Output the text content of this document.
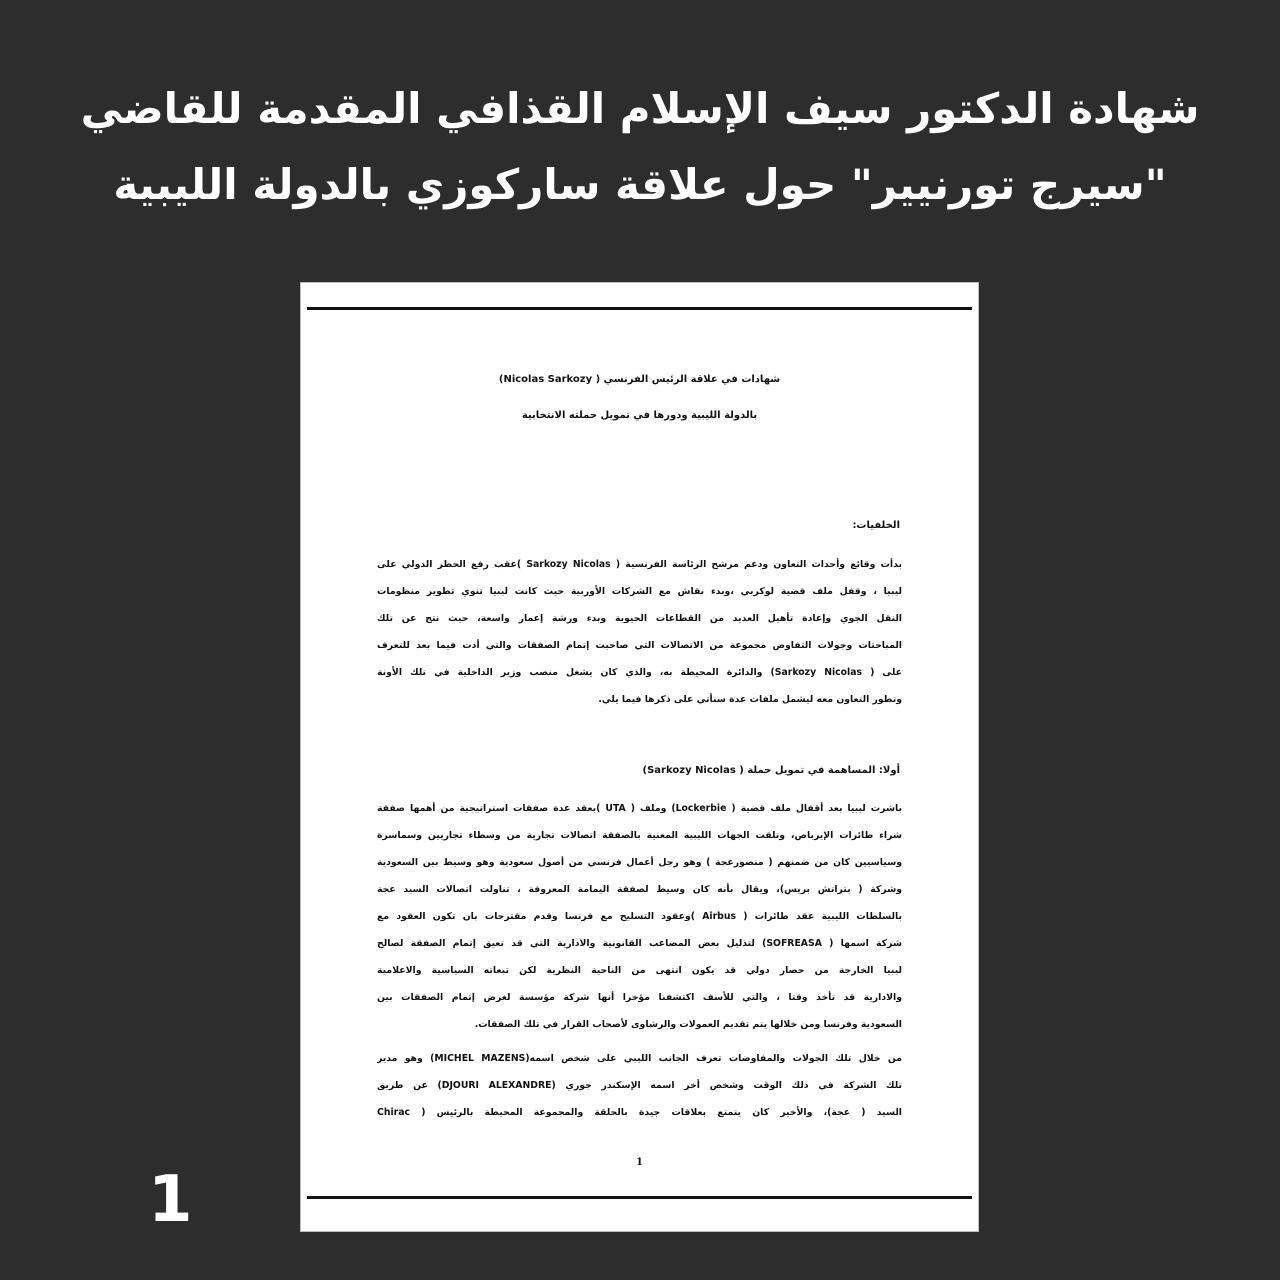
شهادة الدكتور سيف الإسلام القذافي المقدمة للقاضي
"سيرج تورنيير" حول علاقة ساركوزي بالدولة الليبية
شهادات في علاقة الرئيس الفرنسي ( Nicolas Sarkozy)
بالدولة الليبية ودورها في تمويل حملته الانتخابية
الخلفيات:
بدأت وقائع وأحداث التعاون ودعم مرشح الرئاسة الفرنسية ( Sarkozy Nicolas )عقب رفع الحظر الدولي على
ليبيا ، وقفل ملف قضية لوكربي ،وبدء نقاش مع الشركات الأوربية حيث كانت ليبيا تنوي تطوير منظومات
النقل الجوي وإعادة تأهيل العديد من القطاعات الحيوية وبدء ورشة إعمار واسعة، حيث نتج عن تلك
المباحثات وجولات التفاوض مجموعة من الاتصالات التي صاحبت إتمام الصفقات والتي أدت فيما بعد للتعرف
على ( Sarkozy Nicolas) والدائرة المحيطة به، والذي كان يشغل منصب وزير الداخلية في تلك الأونة
وتطور التعاون معه ليشمل ملفات عدة سنأتي على ذكرها فيما يلي.
أولا: المساهمة في تمويل حملة ( Sarkozy Nicolas)
باشرت ليبيا بعد أقفال ملف قضية ( Lockerbie) وملف ( UTA )بعقد عدة صفقات استراتيجية من أهمها صفقة
شراء طائرات الإيرباص، وتلقت الجهات الليبية المعنية بالصفقة اتصالات تجارية من وسطاء تجاريين وسماسرة
وسياسيين كان من ضمنهم ( منصورعجة ) وهو رجل أعمال فرنسي من أصول سعودية وهو وسيط بين السعودية
وشركة ( بتراتش بريس)، ويقال بأنه كان وسيط لصفقة اليمامة المعروفة ، تناولت اتصالات السيد عجة
بالسلطات الليبية عقد طائرات ( Airbus )وعقود التسليح مع فرنسا وقدم مقترحات بان تكون العقود مع
شركة اسمها ( SOFREASA) لتذليل بعض المصاعب القانونية والادارية التي قد تعيق إتمام الصفقة لصالح
ليبيا الخارجة من حصار دولي قد يكون انتهى من الناحية النظرية لكن تبعاته السياسية والاعلامية
والادارية قد تأخذ وقتا ، والتي للأسف اكتشفنا مؤخرا أنها شركة مؤسسة لغرض إتمام الصفقات بين
السعودية وفرنسا ومن خلالها يتم تقديم العمولات والرشاوى لأصحاب القرار في تلك الصفقات.
من خلال تلك الجولات والمفاوضات تعرف الجانب الليبي على شخص اسمه(MICHEL MAZENS) وهو مدير
تلك الشركة في ذلك الوقت وشخص أخر اسمه الإسكندر جوري (DJOURI ALEXANDRE) عن طريق
السيد ( عجة)، والأخير كان يتمتع بعلاقات جيدة بالحلقة والمجموعة المحيطة بالرئيس ( Chirac
1
1
